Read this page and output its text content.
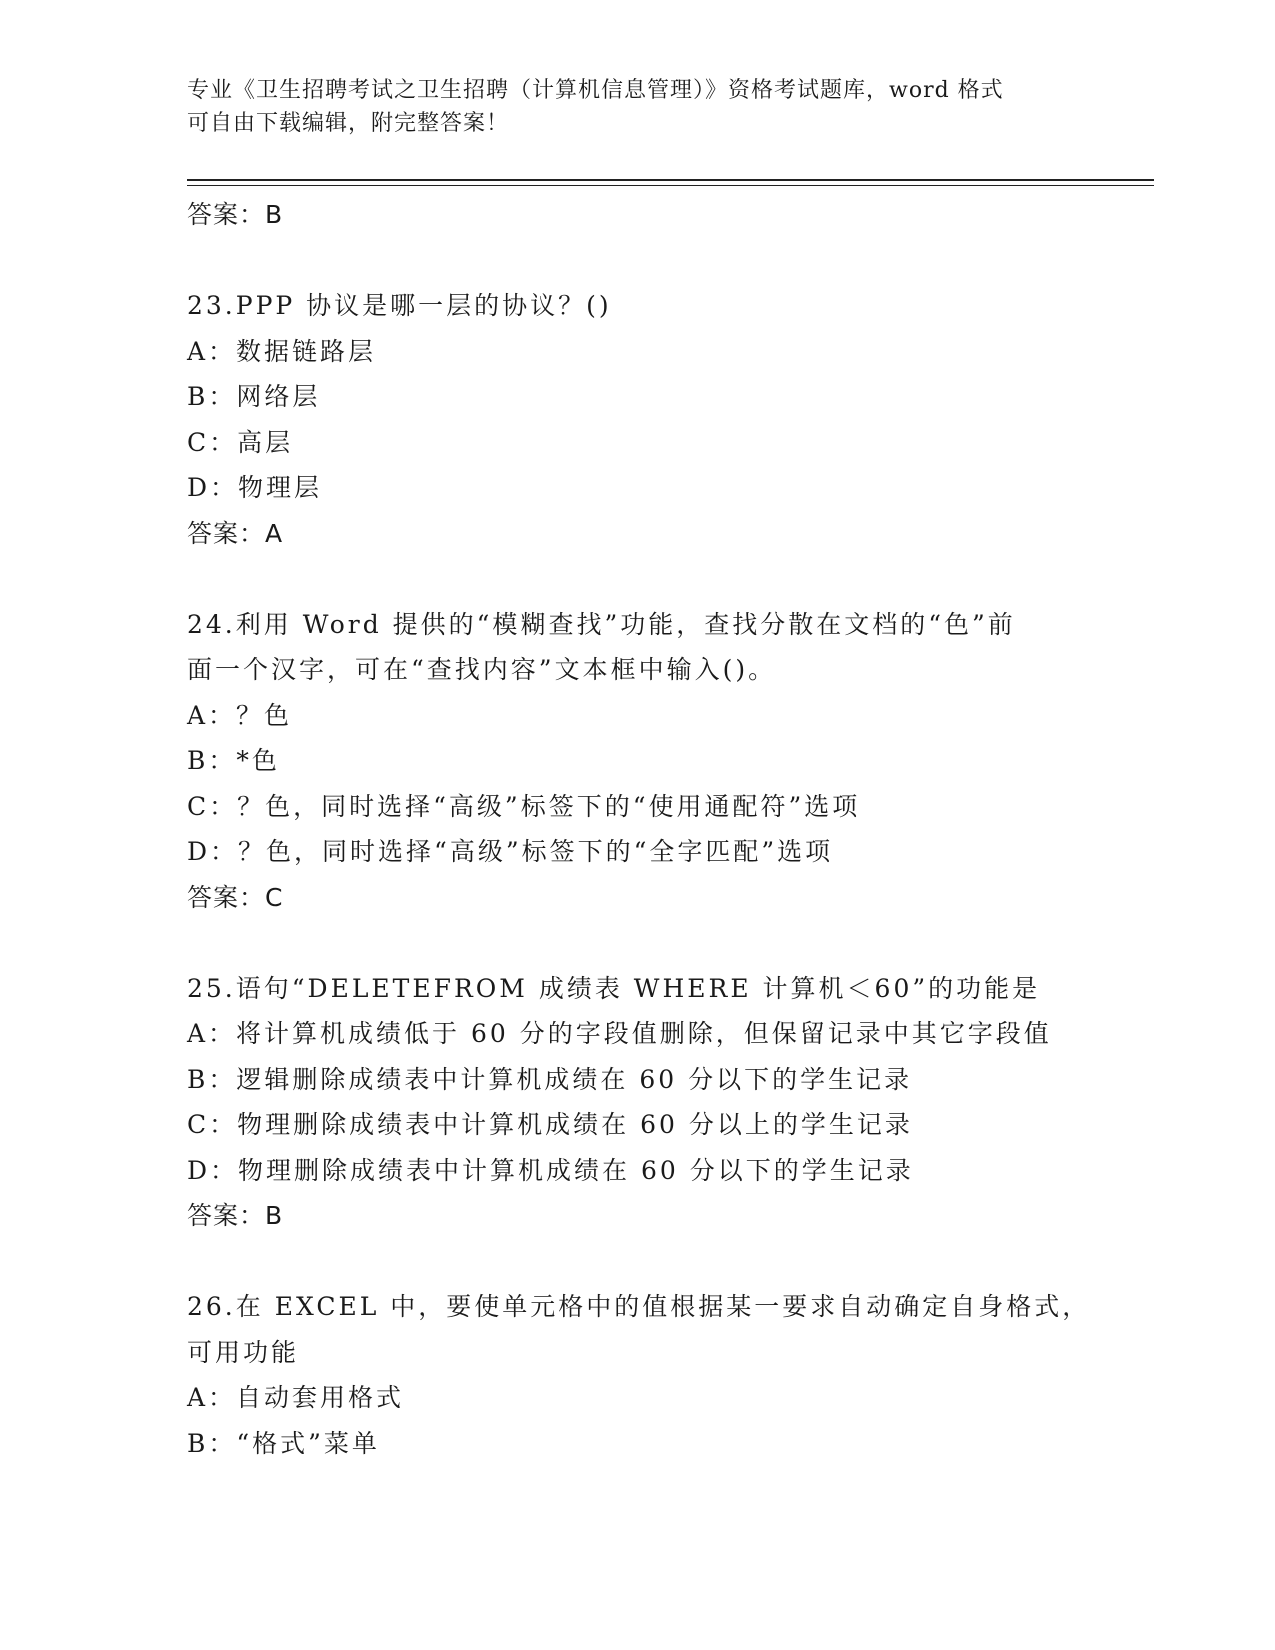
专业《卫生招聘考试之卫生招聘（计算机信息管理）》资格考试题库，word 格式
可自由下载编辑，附完整答案！
答案：B
23.PPP 协议是哪一层的协议？()
A：数据链路层
B：网络层
C：高层
D：物理层
答案：A
24.利用 Word 提供的“模糊查找”功能，查找分散在文档的“色”前
面一个汉字，可在“查找内容”文本框中输入()。
A：？色
B：*色
C：？色，同时选择“高级”标签下的“使用通配符”选项
D：？色，同时选择“高级”标签下的“全字匹配”选项
答案：C
25.语句“DELETEFROM 成绩表 WHERE 计算机＜60”的功能是
A：将计算机成绩低于 60 分的字段值删除，但保留记录中其它字段值
B：逻辑删除成绩表中计算机成绩在 60 分以下的学生记录
C：物理删除成绩表中计算机成绩在 60 分以上的学生记录
D：物理删除成绩表中计算机成绩在 60 分以下的学生记录
答案：B
26.在 EXCEL 中，要使单元格中的值根据某一要求自动确定自身格式，
可用功能
A：自动套用格式
B：“格式”菜单
